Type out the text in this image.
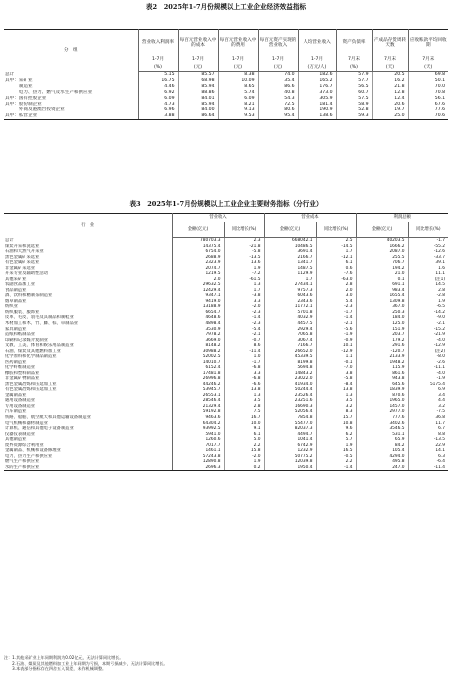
表2　2025年1-7月份规模以上工业企业经济效益指标
分　组	营业收入利润率	每百元营业收入中的成本	每百元营业收入中的费用	每百元资产实现的营业收入	人均营业收入	资产负债率	产成品存货周转天数	应收账款平均回收期
	1-7月	1-7月	1-7月	1-7月	1-7月	7月末	7月末	7月末
	(%)	(元)	(元)	(元)	(万元/人)	(%)	(天)	(天)
总计	5.15	85.57	8.38	74.0	182.6	57.9	20.5	69.8
其中：采矿业	16.75	68.98	10.09	35.4	165.2	57.7	16.2	50.1
　　　制造业	4.46	85.94	8.65	86.6	176.7	56.5	21.8	70.0
　　　电力、热力、燃气及水生产和供应业	6.92	88.86	5.74	40.8	373.0	60.7	12.8	70.8
其中：国有控股企业	6.09	84.01	6.09	54.3	305.9	57.5	12.4	56.1
其中：股份制企业	4.73	85.94	8.21	72.5	181.4	58.9	20.6	67.6
　　　外商及港澳台投资企业	6.96	84.00	9.13	80.6	190.9	52.8	19.7	77.6
其中：私营企业	3.88	86.64	9.53	95.4	138.6	59.3	25.0	70.6
表3　2025年1-7月份规模以上工业企业主要财务指标（分行业）
行　业	营业收入		营业成本		利润总额	
	金额(亿元)	同比增长(%)	金额(亿元)	同比增长(%)	金额(亿元)	同比增长(%)
总计	780703.3	2.3	668042.1	2.5	40203.5	-1.7
煤炭开采和洗选业	14375.4	-21.8	10486.5	-14.5	1666.2	-55.2
石油和天然气开采业	6754.0	-5.8	3691.4	1.7	2087.0	-12.6
黑色金属矿采选业	2688.9	-13.5	2166.7	-12.1	255.5	-33.7
有色金属矿采选业	2323.9	13.6	1341.7	6.1	706.7	39.1
非金属矿采选业	2074.7	1.9	1487.5	0.6	194.2	1.6
开采专业及辅助性活动	1219.5	-7.2	1129.9	-7.6	21.0	11.1
其他采矿业	2.0	-61.5	1.7	-63.0	0.1	(注1)
农副食品加工业	29632.5	1.3	27434.1	2.8	691.1	14.5
食品制造业	12429.4	1.7	9757.3	2.0	983.4	2.8
酒、饮料和精制茶制造业	9347.1	-3.8	6043.6	3.0	1655.4	-2.8
烟草制品业	9419.0	3.3	2343.6	5.4	1309.8	1.9
纺织业	13188.9	-2.0	11772.1	-2.3	367.0	-6.5
纺织服装、服饰业	6654.7	-2.3	5701.8	-1.7	250.3	-14.2
皮革、毛皮、羽毛及其制品和制鞋业	4648.6	-1.4	4032.9	-1.4	184.0	-9.0
木材加工和木、竹、藤、棕、草制品业	4898.4	-2.3	4457.5	-2.1	125.0	-2.1
家具制造业	3530.9	-5.4	2929.4	-5.6	151.9	-15.2
造纸和纸制品业	7978.2	-2.1	7065.8	-1.9	203.7	-21.9
印刷和记录媒介复制业	3669.0	-0.7	3067.4	-0.9	179.2	-4.0
文教、工美、体育和娱乐用品制造业	8148.2	8.6	7166.7	10.1	291.6	-12.9
石油、煤炭及其他燃料加工业	30988.2	-11.4	26652.0	-12.9	-120.7	(注2)
化学原料和化学制品制造业	52002.5	1.0	45339.5	1.1	2133.9	-8.0
医药制造业	14010.7	-1.7	8199.8	-0.1	1948.2	-2.6
化学纤维制造业	6152.4	-6.8	5694.8	-7.0	115.9	-11.1
橡胶和塑料制品业	17481.8	3.3	14843.2	3.8	861.6	-4.0
非金属矿物制品业	26996.8	-6.8	23022.0	-5.8	943.8	-1.9
黑色金属冶炼和压延加工业	44246.2	-6.6	41934.0	-8.4	645.6	5175.4
有色金属冶炼和压延加工业	53945.7	13.8	50244.4	13.8	1839.9	6.9
金属制品业	26553.1	1.3	23526.4	1.3	870.6	3.4
通用设备制造业	28546.4	3.5	23251.6	3.5	1965.0	4.4
专用设备制造业	21329.4	2.8	16690.3	3.2	1457.0	3.2
汽车制造业	59192.8	7.5	52056.4	8.3	2977.0	-7.5
铁路、船舶、航空航天和其他运输设备制造业	9463.6	16.7	7854.8	15.7	777.6	36.8
电气机械和器材制造业	64304.2	10.0	55477.0	10.8	3402.6	11.7
计算机、通信和其他电子设备制造业	93992.5	9.1	82037.3	9.6	3546.5	6.7
仪器仪表制造业	5941.0	6.1	4494.7	6.2	531.1	8.8
其他制造业	1260.6	5.0	1041.4	5.7	65.9	-13.5
废弃资源综合利用业	7017.7	2.2	6742.9	1.9	84.2	22.9
金属制品、机械和设备修理业	1461.1	15.8	1232.9	16.5	105.4	14.1
电力、热力生产和供应业	57243.8	-2.0	50775.2	-0.5	4294.0	6.3
燃气生产和供应业	12890.8	1.9	12039.8	2.2	495.8	-6.4
水的生产和供应业	2696.3	0.2	1950.4	-1.4	247.0	-11.4
注：1.其他采矿业上年同期利润为0.02亿元，无法计算同比增长。
　　2.石油、煤炭及其他燃料加工业上年同期为亏损，本期亏损减少，无法计算同比增长。
　　3.本表部分指标存在四舍五入误差，未作机械调整。
